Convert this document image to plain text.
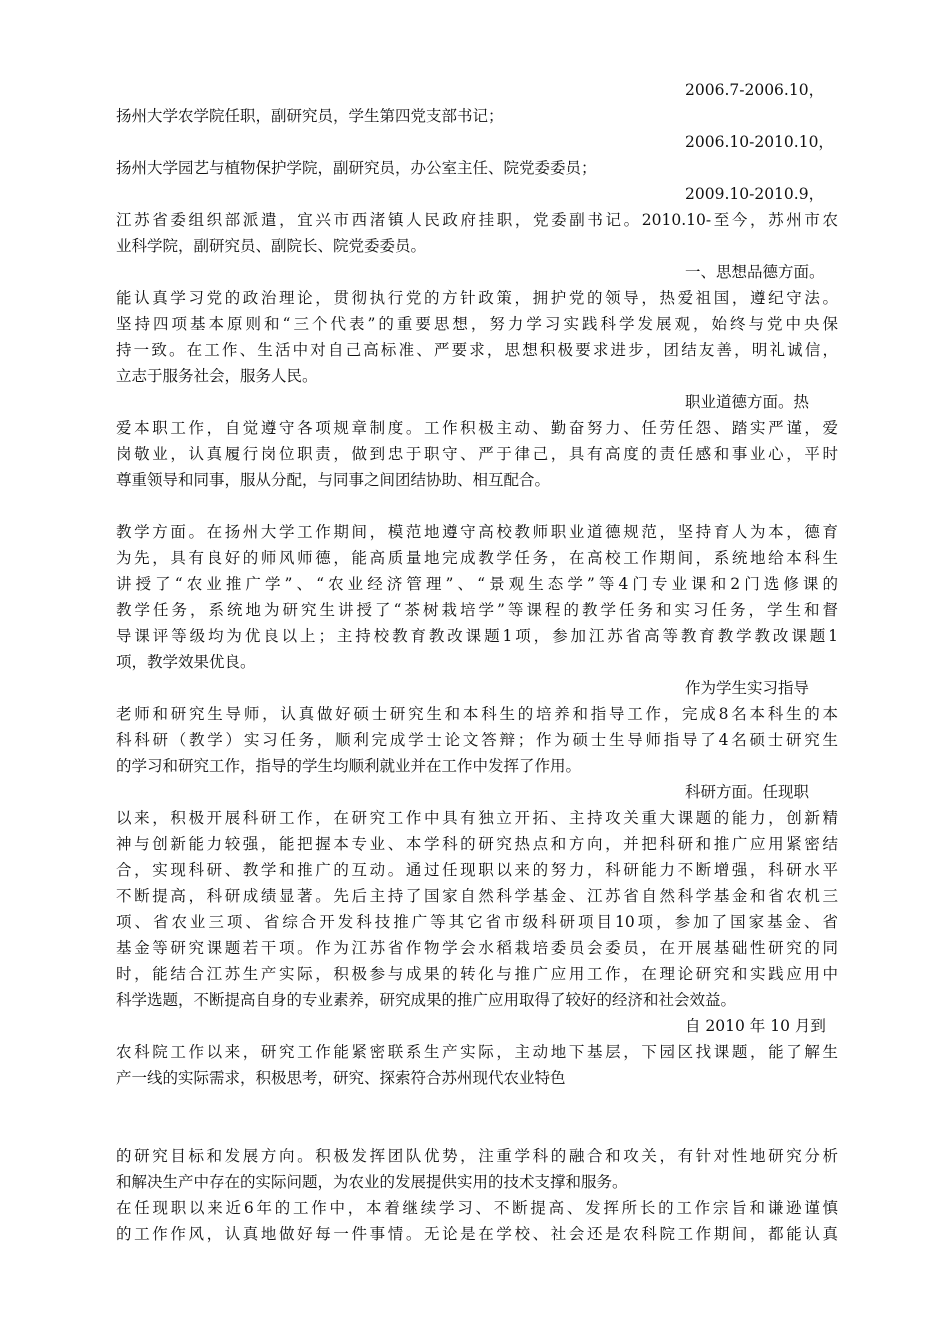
2006.7-2006.10，
扬州大学农学院任职，副研究员，学生第四党支部书记；
2006.10-2010.10，
扬州大学园艺与植物保护学院，副研究员，办公室主任、院党委委员；
2009.10-2010.9，
江苏省委组织部派遣，宜兴市西渚镇人民政府挂职，党委副书记。2010.10-至今，苏州市农
业科学院，副研究员、副院长、院党委委员。
一、思想品德方面。
能认真学习党的政治理论，贯彻执行党的方针政策，拥护党的领导，热爱祖国，遵纪守法。
坚持四项基本原则和“三个代表”的重要思想，努力学习实践科学发展观，始终与党中央保
持一致。在工作、生活中对自己高标准、严要求，思想积极要求进步，团结友善，明礼诚信，
立志于服务社会，服务人民。
职业道德方面。热
爱本职工作，自觉遵守各项规章制度。工作积极主动、勤奋努力、任劳任怨、踏实严谨，爱
岗敬业，认真履行岗位职责，做到忠于职守、严于律己，具有高度的责任感和事业心，平时
尊重领导和同事，服从分配，与同事之间团结协助、相互配合。
教学方面。在扬州大学工作期间，模范地遵守高校教师职业道德规范，坚持育人为本，德育
为先，具有良好的师风师德，能高质量地完成教学任务，在高校工作期间，系统地给本科生
讲授了“农业推广学”、“农业经济管理”、“景观生态学”等4门专业课和2门选修课的
教学任务，系统地为研究生讲授了“茶树栽培学”等课程的教学任务和实习任务，学生和督
导课评等级均为优良以上；主持校教育教改课题1项，参加江苏省高等教育教学教改课题1
项，教学效果优良。
作为学生实习指导
老师和研究生导师，认真做好硕士研究生和本科生的培养和指导工作，完成8名本科生的本
科科研（教学）实习任务，顺利完成学士论文答辩；作为硕士生导师指导了4名硕士研究生
的学习和研究工作，指导的学生均顺利就业并在工作中发挥了作用。
科研方面。任现职
以来，积极开展科研工作，在研究工作中具有独立开拓、主持攻关重大课题的能力，创新精
神与创新能力较强，能把握本专业、本学科的研究热点和方向，并把科研和推广应用紧密结
合，实现科研、教学和推广的互动。通过任现职以来的努力，科研能力不断增强，科研水平
不断提高，科研成绩显著。先后主持了国家自然科学基金、江苏省自然科学基金和省农机三
项、省农业三项、省综合开发科技推广等其它省市级科研项目10项，参加了国家基金、省
基金等研究课题若干项。作为江苏省作物学会水稻栽培委员会委员，在开展基础性研究的同
时，能结合江苏生产实际，积极参与成果的转化与推广应用工作，在理论研究和实践应用中
科学选题，不断提高自身的专业素养，研究成果的推广应用取得了较好的经济和社会效益。
自 2010 年 10 月到
农科院工作以来，研究工作能紧密联系生产实际，主动地下基层，下园区找课题，能了解生
产一线的实际需求，积极思考，研究、探索符合苏州现代农业特色
的研究目标和发展方向。积极发挥团队优势，注重学科的融合和攻关，有针对性地研究分析
和解决生产中存在的实际问题，为农业的发展提供实用的技术支撑和服务。
在任现职以来近6年的工作中，本着继续学习、不断提高、发挥所长的工作宗旨和谦逊谨慎
的工作作风，认真地做好每一件事情。无论是在学校、社会还是农科院工作期间，都能认真
